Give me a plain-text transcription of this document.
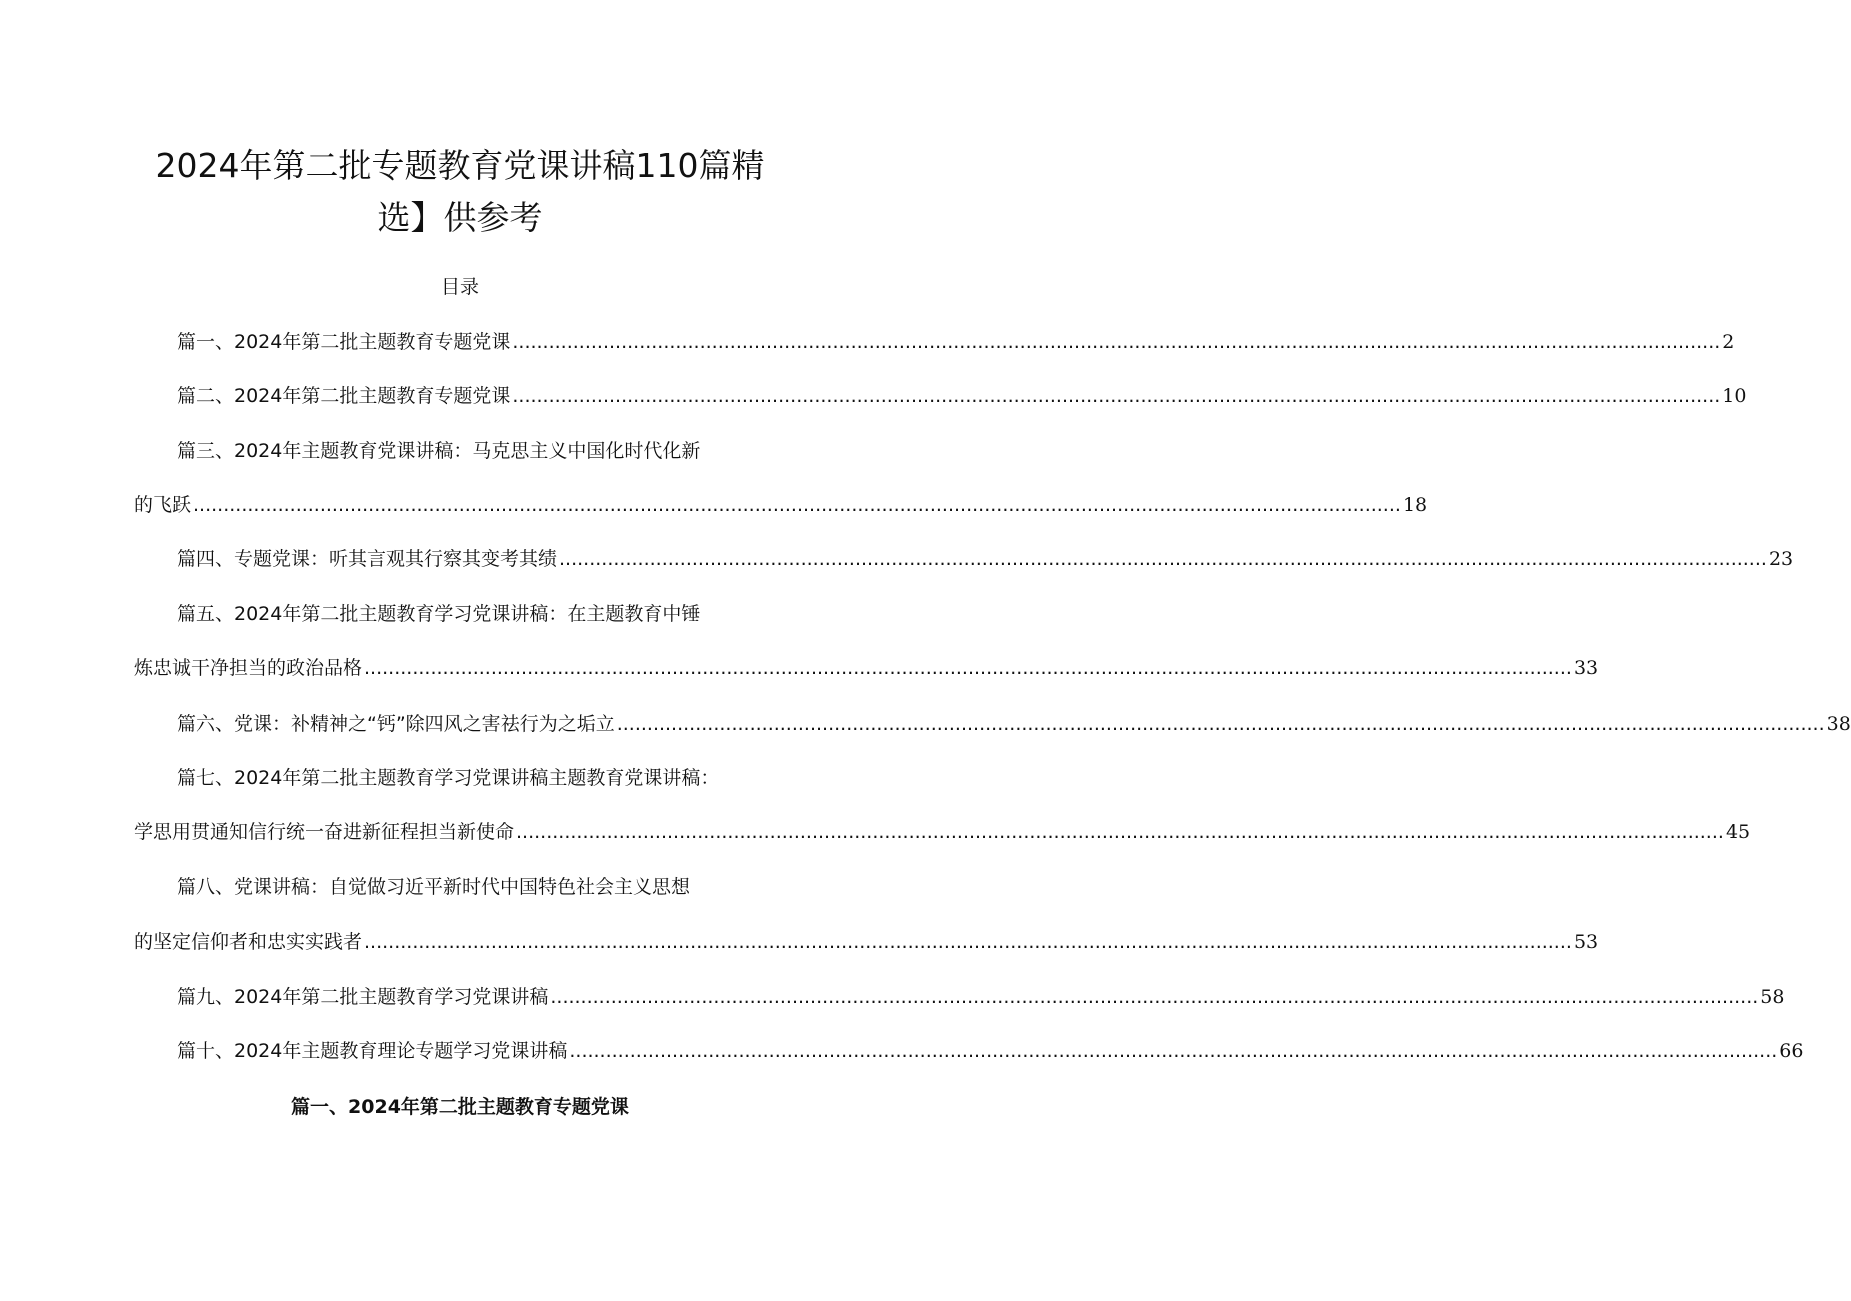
2024年第二批专题教育党课讲稿110篇精
选】供参考
目录
篇一、2024年第二批主题教育专题党课 ........................................................................................................................................................................................................ 2
篇二、2024年第二批主题教育专题党课 ........................................................................................................................................................................................................ 10
篇三、2024年主题教育党课讲稿：马克思主义中国化时代化新
的飞跃 ........................................................................................................................................................................................................ 18
篇四、专题党课：听其言观其行察其变考其绩 ........................................................................................................................................................................................................ 23
篇五、2024年第二批主题教育学习党课讲稿：在主题教育中锤
炼忠诚干净担当的政治品格 ........................................................................................................................................................................................................ 33
篇六、党课：补精神之“钙”除四风之害祛行为之垢立 ........................................................................................................................................................................................................ 38
篇七、2024年第二批主题教育学习党课讲稿主题教育党课讲稿：
学思用贯通知信行统一奋进新征程担当新使命 ........................................................................................................................................................................................................ 45
篇八、党课讲稿：自觉做习近平新时代中国特色社会主义思想
的坚定信仰者和忠实实践者 ........................................................................................................................................................................................................ 53
篇九、2024年第二批主题教育学习党课讲稿 ........................................................................................................................................................................................................ 58
篇十、2024年主题教育理论专题学习党课讲稿 ........................................................................................................................................................................................................ 66
篇一、2024年第二批主题教育专题党课
